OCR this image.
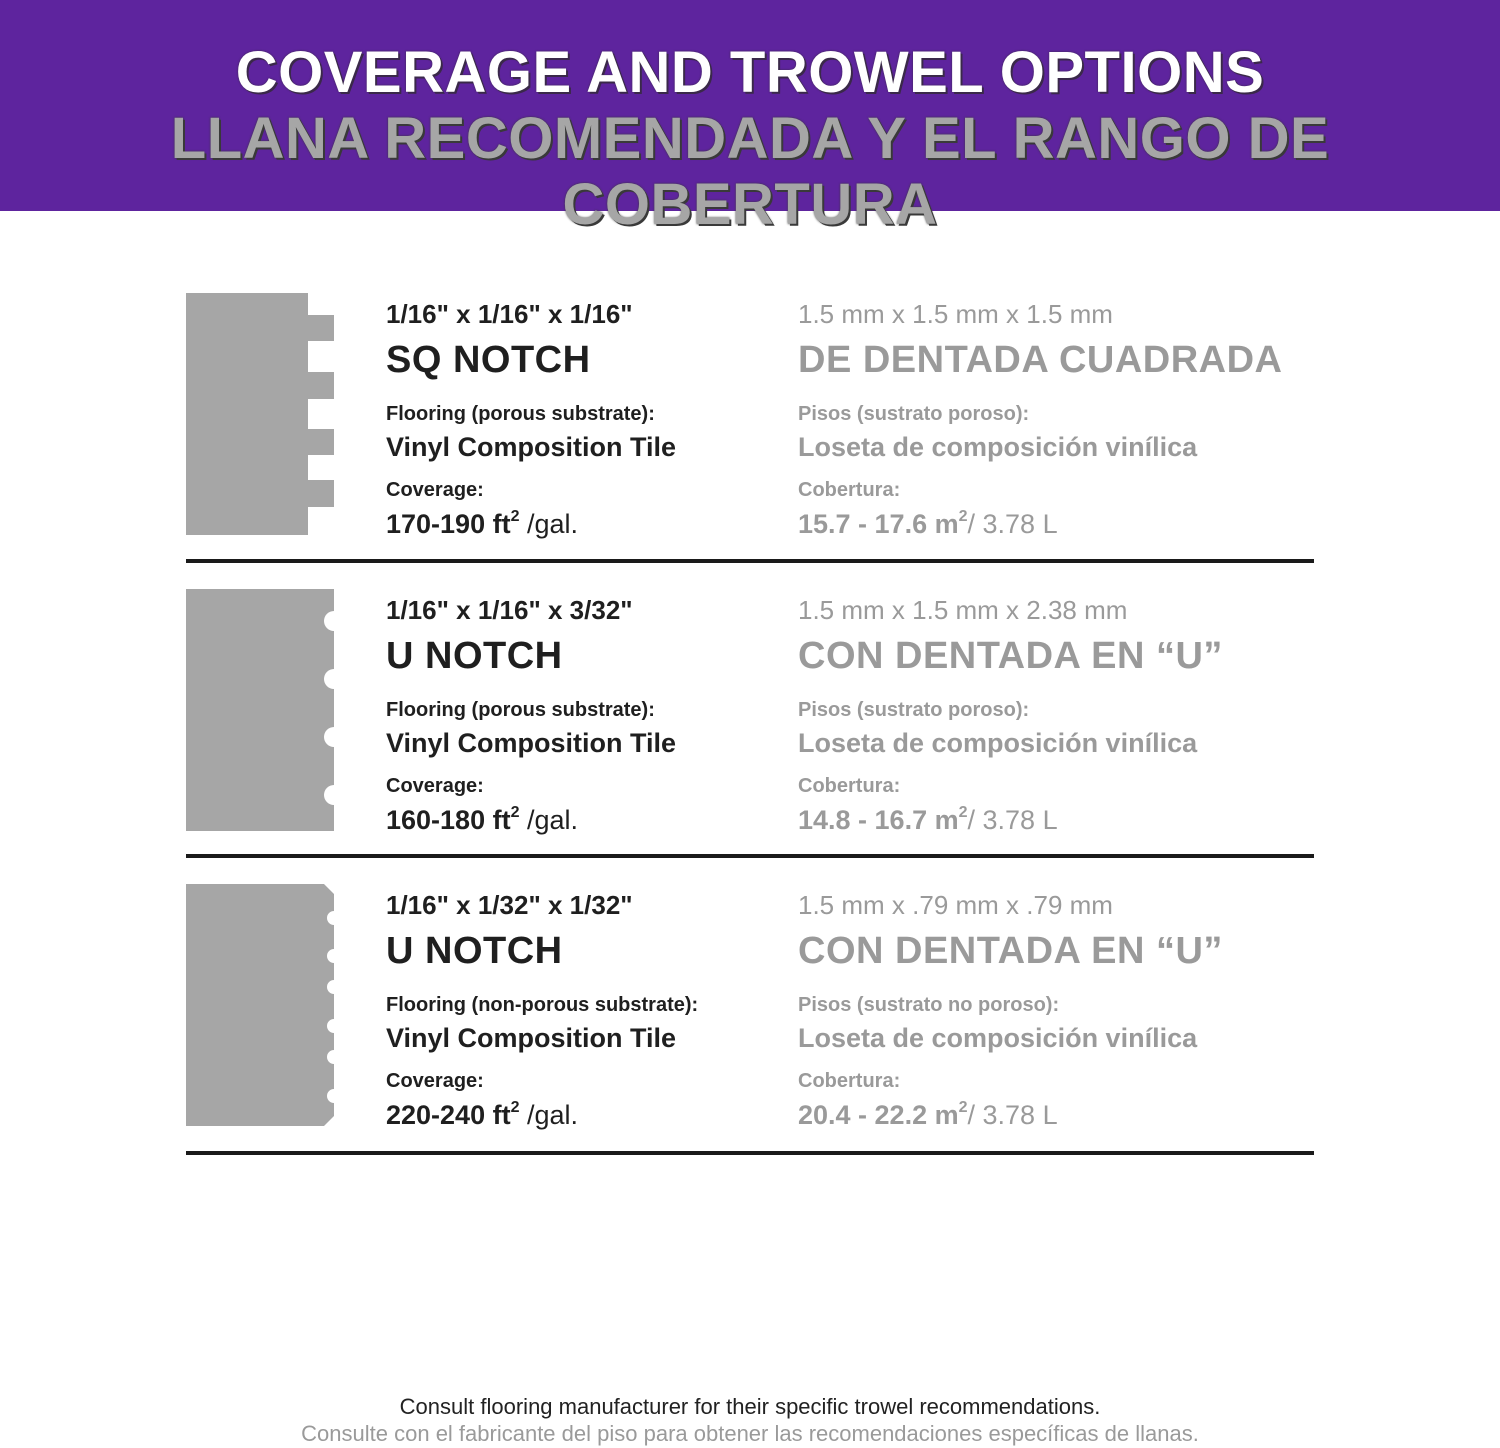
COVERAGE AND TROWEL OPTIONS
LLANA RECOMENDADA Y EL RANGO DE COBERTURA
1/16" x 1/16" x 1/16"
SQ NOTCH
Flooring (porous substrate):
Vinyl Composition Tile
Coverage:
170-190 $ft^2$ /gal.
1.5 mm x 1.5 mm x 1.5 mm
DE DENTADA CUADRADA
Pisos (sustrato poroso):
Loseta de composición vinílica
Cobertura:
15.7 - 17.6 $m^2/$ 3.78 L
1/16" x 1/16" x 3/32"
U NOTCH
Flooring (porous substrate):
Vinyl Composition Tile
Coverage:
160-180 $ft^2$ /gal.
1.5 mm x 1.5 mm x 2.38 mm
CON DENTADA EN “U”
Pisos (sustrato poroso):
Loseta de composición vinílica
Cobertura:
14.8 - 16.7 $m^2/$ 3.78 L
1/16" x 1/32" x 1/32"
U NOTCH
Flooring (non-porous substrate):
Vinyl Composition Tile
Coverage:
220-240 $ft^2$ /gal.
1.5 mm x .79 mm x .79 mm
CON DENTADA EN “U”
Pisos (sustrato no poroso):
Loseta de composición vinílica
Cobertura:
20.4 - 22.2 $m^2/$ 3.78 L
Consult flooring manufacturer for their specific trowel recommendations.
Consulte con el fabricante del piso para obtener las recomendaciones específicas de llanas.
